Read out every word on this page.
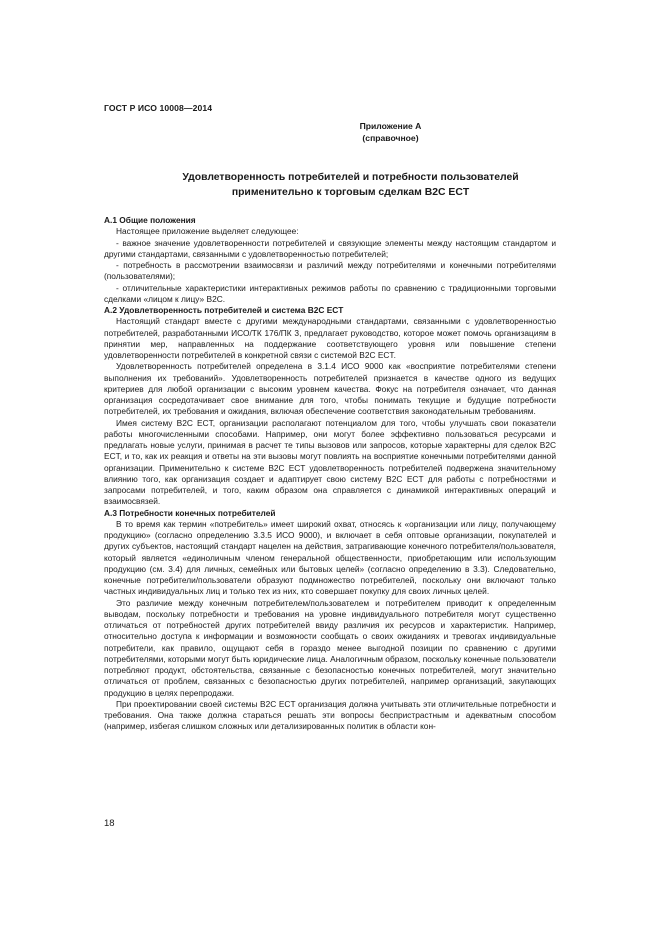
ГОСТ Р ИСО 10008—2014
Приложение А
(справочное)
Удовлетворенность потребителей и потребности пользователей
применительно к торговым сделкам B2C ECT

А.1 Общие положения

Настоящее приложение выделяет следующее:

- важное значение удовлетворенности потребителей и связующие элементы между настоящим стандартом и другими стандартами, связанными с удовлетворенностью потребителей;

- потребность в рассмотрении взаимосвязи и различий между потребителями и конечными потребителями (пользователями);

- отличительные характеристики интерактивных режимов работы по сравнению с традиционными торговыми сделками «лицом к лицу» B2C.

А.2 Удовлетворенность потребителей и система B2C ECT

Настоящий стандарт вместе с другими международными стандартами, связанными с удовлетворенностью потребителей, разработанными ИСО/ТК 176/ПК 3, предлагает руководство, которое может помочь организациям в принятии мер, направленных на поддержание соответствующего уровня или повышение степени удовлетворенности потребителей в конкретной связи с системой B2C ECT.

Удовлетворенность потребителей определена в 3.1.4 ИСО 9000 как «восприятие потребителями степени выполнения их требований». Удовлетворенность потребителей признается в качестве одного из ведущих критериев для любой организации с высоким уровнем качества. Фокус на потребителя означает, что данная организация сосредотачивает свое внимание для того, чтобы понимать текущие и будущие потребности потребителей, их требования и ожидания, включая обеспечение соответствия законодательным требованиям.

Имея систему B2C ECT, организации располагают потенциалом для того, чтобы улучшать свои показатели работы многочисленными способами. Например, они могут более эффективно пользоваться ресурсами и предлагать новые услуги, принимая в расчет те типы вызовов или запросов, которые характерны для сделок B2C ECT, и то, как их реакция и ответы на эти вызовы могут повлиять на восприятие конечными потребителями данной организации. Применительно к системе B2C ECT удовлетворенность потребителей подвержена значительному влиянию того, как организация создает и адаптирует свою систему B2C ECT для работы с потребностями и запросами потребителей, и того, каким образом она справляется с динамикой интерактивных операций и взаимосвязей.

А.3 Потребности конечных потребителей

В то время как термин «потребитель» имеет широкий охват, относясь к «организации или лицу, получающему продукцию» (согласно определению 3.3.5 ИСО 9000), и включает в себя оптовые организации, покупателей и других субъектов, настоящий стандарт нацелен на действия, затрагивающие конечного потребителя/пользователя, который является «единоличным членом генеральной общественности, приобретающим или использующим продукцию (см. 3.4) для личных, семейных или бытовых целей» (согласно определению в 3.3). Следовательно, конечные потребители/пользователи образуют подмножество потребителей, поскольку они включают только частных индивидуальных лиц и только тех из них, кто совершает покупку для своих личных целей.

Это различие между конечным потребителем/пользователем и потребителем приводит к определенным выводам, поскольку потребности и требования на уровне индивидуального потребителя могут существенно отличаться от потребностей других потребителей ввиду различия их ресурсов и характеристик. Например, относительно доступа к информации и возможности сообщать о своих ожиданиях и тревогах индивидуальные потребители, как правило, ощущают себя в гораздо менее выгодной позиции по сравнению с другими потребителями, которыми могут быть юридические лица. Аналогичным образом, поскольку конечные пользователи потребляют продукт, обстоятельства, связанные с безопасностью конечных потребителей, могут значительно отличаться от проблем, связанных с безопасностью других потребителей, например организаций, закупающих продукцию в целях перепродажи.

При проектировании своей системы B2C ECT организация должна учитывать эти отличительные потребности и требования. Она также должна стараться решать эти вопросы беспристрастным и адекватным способом (например, избегая слишком сложных или детализированных политик в области кон-

18
